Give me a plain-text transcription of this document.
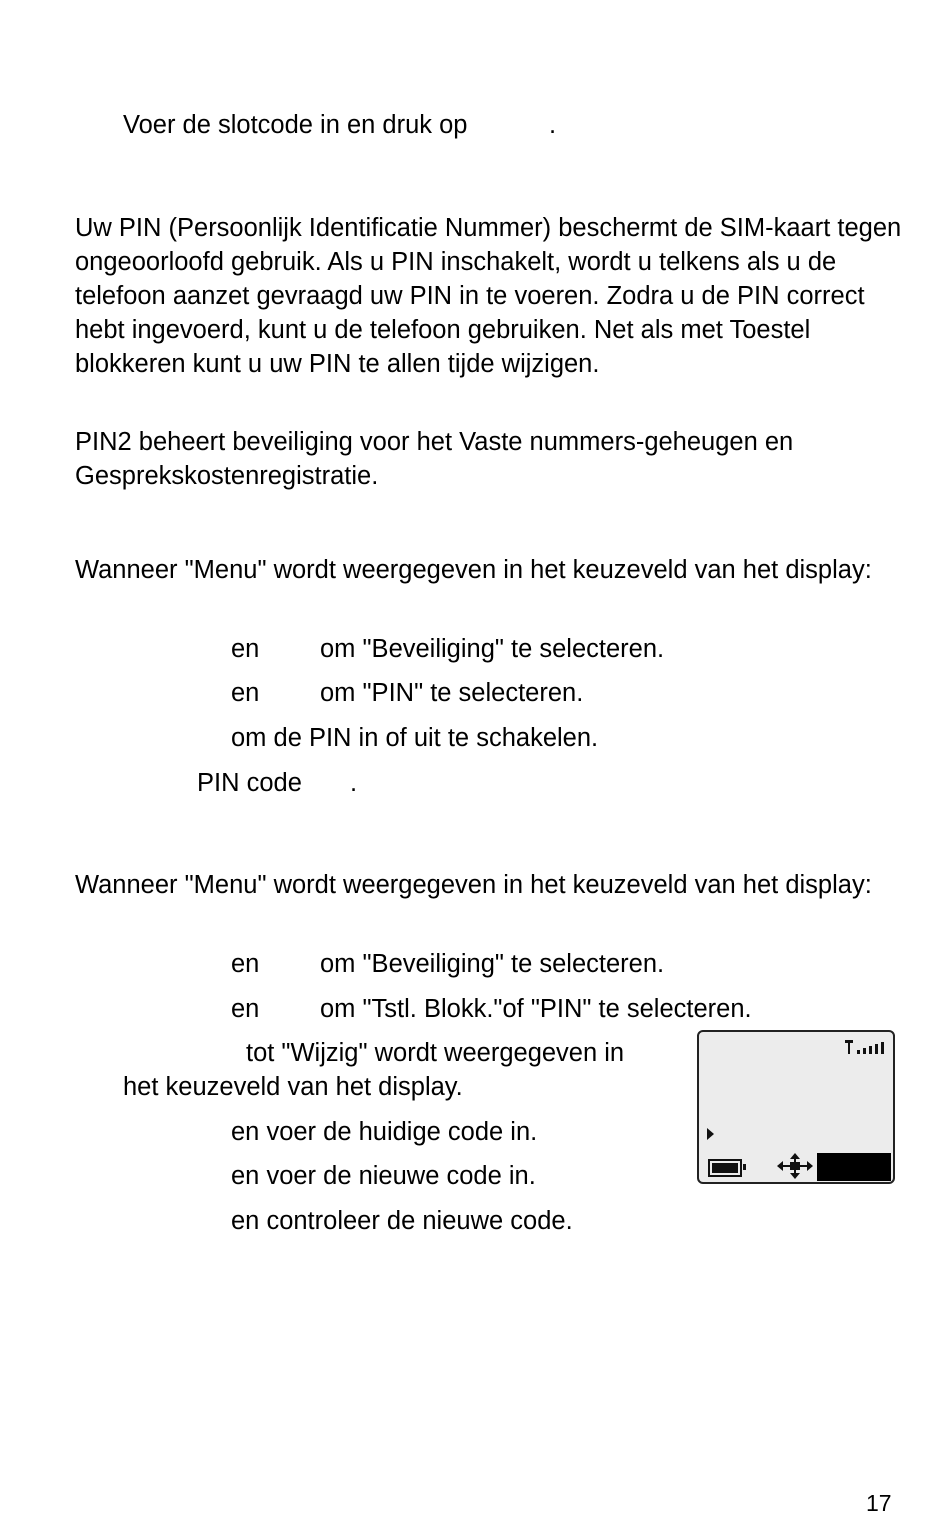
Voer de slotcode in en druk op	.
Uw PIN (Persoonlijk Identificatie Nummer) beschermt de SIM-kaart tegen ongeoorloofd gebruik. Als u PIN inschakelt, wordt u telkens als u de telefoon aanzet gevraagd uw PIN in te voeren. Zodra u de PIN correct hebt ingevoerd, kunt u de telefoon gebruiken. Net als met Toestel blokkeren kunt u uw PIN te allen tijde wijzigen.
PIN2 beheert beveiliging voor het Vaste nummers-geheugen en Gesprekskostenregistratie.
Wanneer "Menu" wordt weergegeven in het keuzeveld van het display:
en om "Beveiliging" te selecteren.
en om "PIN" te selecteren.
om de PIN in of uit te schakelen.
PIN code .
Wanneer "Menu" wordt weergegeven in het keuzeveld van het display:
en om "Beveiliging" te selecteren.
en om "Tstl. Blokk."of "PIN" te selecteren.
tot "Wijzig" wordt weergegeven in
het keuzeveld van het display.
en voer de huidige code in.
en voer de nieuwe code in.
en controleer de nieuwe code.
17
